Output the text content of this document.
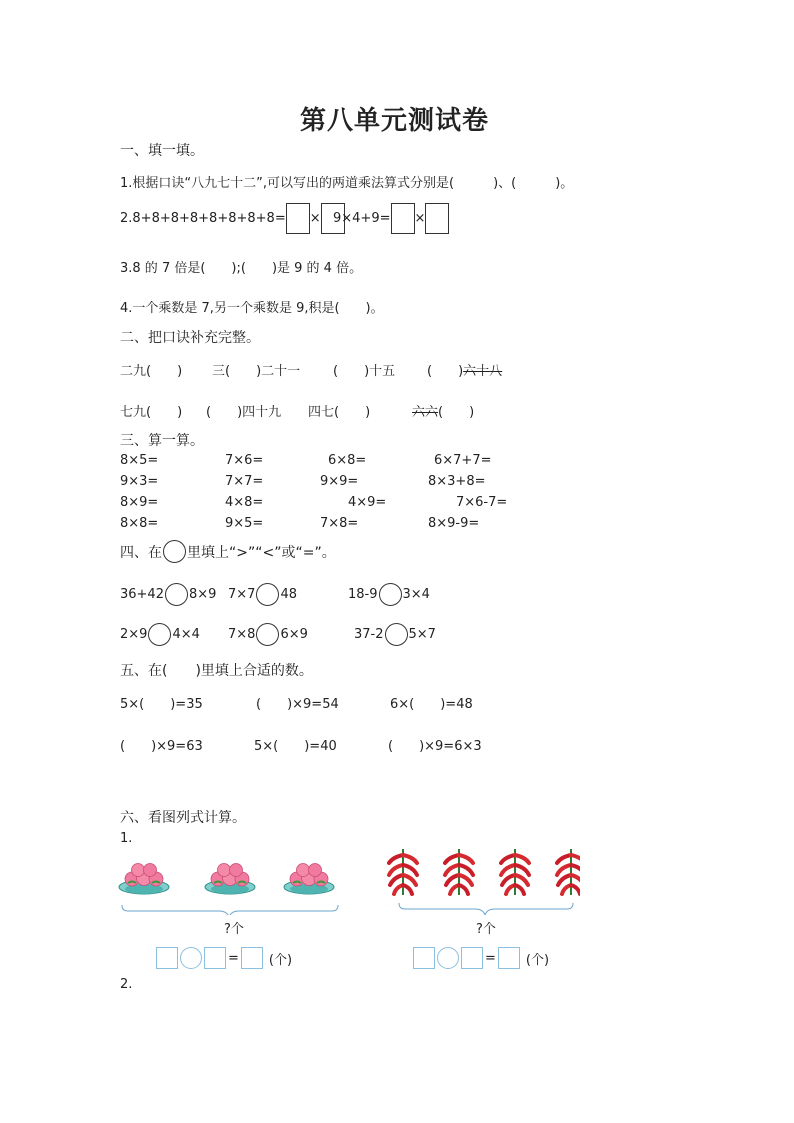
第八单元测试卷
一、填一填。
1.根据口诀“八九七十二”,可以写出的两道乘法算式分别是(　　　)、(　　　)。
2.8+8+8+8+8+8+8+8= × 9×4+9= ×
3.8 的 7 倍是(　　);(　　)是 9 的 4 倍。
4.一个乘数是 7,另一个乘数是 9,积是(　　)。
二、把口诀补充完整。
二九(　　) 三(　　)二十一	(　　)十五 (　　)六十八
七九(　　) (　　)四十九 四七(　　)	六六(　　)
三、算一算。
8×5=	7×6=	6×8=	6×7+7=
9×3=	7×7=	9×9=	8×3+8=
8×9=	4×8=	4×9=	7×6-7=
8×8=	9×5=	7×8=	8×9-9=
四、在 里填上“>”“<”或“=”。
36+42 8×9 7×7 48	18-9 3×4
2×9 4×4 7×8 6×9	37-2 5×7
五、在(　　)里填上合适的数。
5×(　　)=35	(　　)×9=54	6×(　　)=48
(　　)×9=63	5×(　　)=40	(　　)×9=6×3
六、看图列式计算。
1.
?个	?个
= (个)	= (个)
2.
